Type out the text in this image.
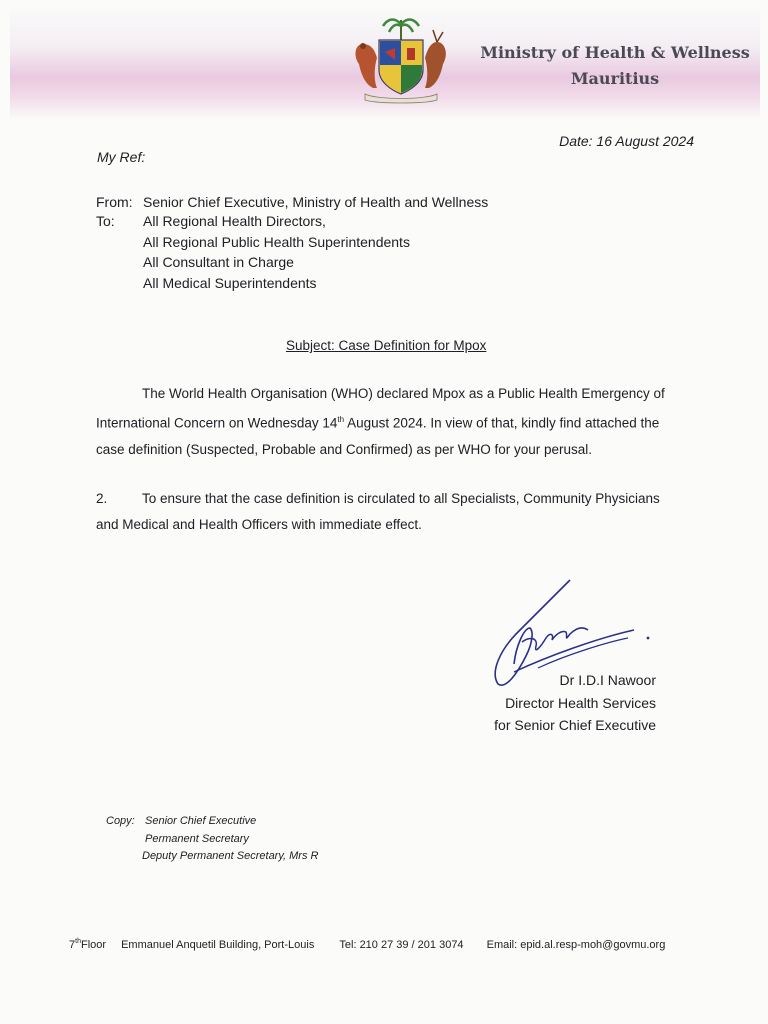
Ministry of Health & Wellness
Mauritius
Date: 16 August 2024
My Ref:
From: Senior Chief Executive, Ministry of Health and Wellness
To: All Regional Health Directors,
All Regional Public Health Superintendents
All Consultant in Charge
All Medical Superintendents
Subject: Case Definition for Mpox

The World Health Organisation (WHO) declared Mpox as a Public Health Emergency of

International Concern on Wednesday 14th August 2024. In view of that, kindly find attached the

case definition (Suspected, Probable and Confirmed) as per WHO for your perusal.

2.	To ensure that the case definition is circulated to all Specialists, Community Physicians

and Medical and Health Officers with immediate effect.

Dr I.D.I Nawoor
Director Health Services
for Senior Chief Executive
Copy: Senior Chief Executive
Permanent Secretary
Deputy Permanent Secretary, Mrs R
7thFloor Emmanuel Anquetil Building, Port-Louis Tel: 210 27 39 / 201 3074 Email: epid.al.resp-moh@govmu.org
